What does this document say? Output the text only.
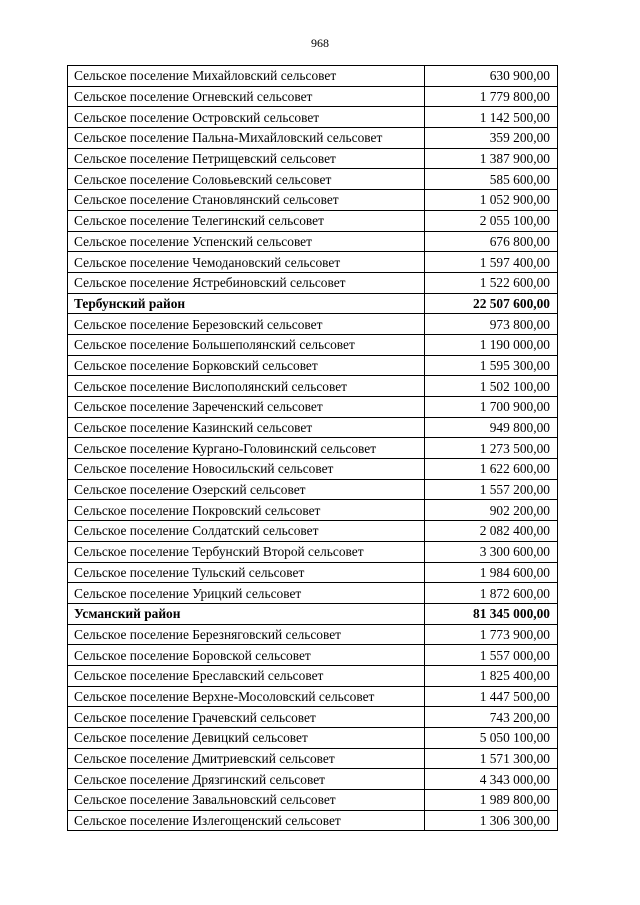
968
Сельское поселение Михайловский сельсовет	630 900,00
Сельское поселение Огневский сельсовет	1 779 800,00
Сельское поселение Островский сельсовет	1 142 500,00
Сельское поселение Пальна-Михайловский сельсовет	359 200,00
Сельское поселение Петрищевский сельсовет	1 387 900,00
Сельское поселение Соловьевский сельсовет	585 600,00
Сельское поселение Становлянский сельсовет	1 052 900,00
Сельское поселение Телегинский сельсовет	2 055 100,00
Сельское поселение Успенский сельсовет	676 800,00
Сельское поселение Чемодановский сельсовет	1 597 400,00
Сельское поселение Ястребиновский сельсовет	1 522 600,00
Тербунский район	22 507 600,00
Сельское поселение Березовский сельсовет	973 800,00
Сельское поселение Большеполянский сельсовет	1 190 000,00
Сельское поселение Борковский сельсовет	1 595 300,00
Сельское поселение Вислополянский сельсовет	1 502 100,00
Сельское поселение Зареченский сельсовет	1 700 900,00
Сельское поселение Казинский сельсовет	949 800,00
Сельское поселение Кургано-Головинский сельсовет	1 273 500,00
Сельское поселение Новосильский сельсовет	1 622 600,00
Сельское поселение Озерский сельсовет	1 557 200,00
Сельское поселение Покровский сельсовет	902 200,00
Сельское поселение Солдатский сельсовет	2 082 400,00
Сельское поселение Тербунский Второй сельсовет	3 300 600,00
Сельское поселение Тульский сельсовет	1 984 600,00
Сельское поселение Урицкий сельсовет	1 872 600,00
Усманский район	81 345 000,00
Сельское поселение Березняговский сельсовет	1 773 900,00
Сельское поселение Боровской сельсовет	1 557 000,00
Сельское поселение Бреславский сельсовет	1 825 400,00
Сельское поселение Верхне-Мосоловский сельсовет	1 447 500,00
Сельское поселение Грачевский сельсовет	743 200,00
Сельское поселение Девицкий сельсовет	5 050 100,00
Сельское поселение Дмитриевский сельсовет	1 571 300,00
Сельское поселение Дрязгинский сельсовет	4 343 000,00
Сельское поселение Завальновский сельсовет	1 989 800,00
Сельское поселение Излегощенский сельсовет	1 306 300,00
